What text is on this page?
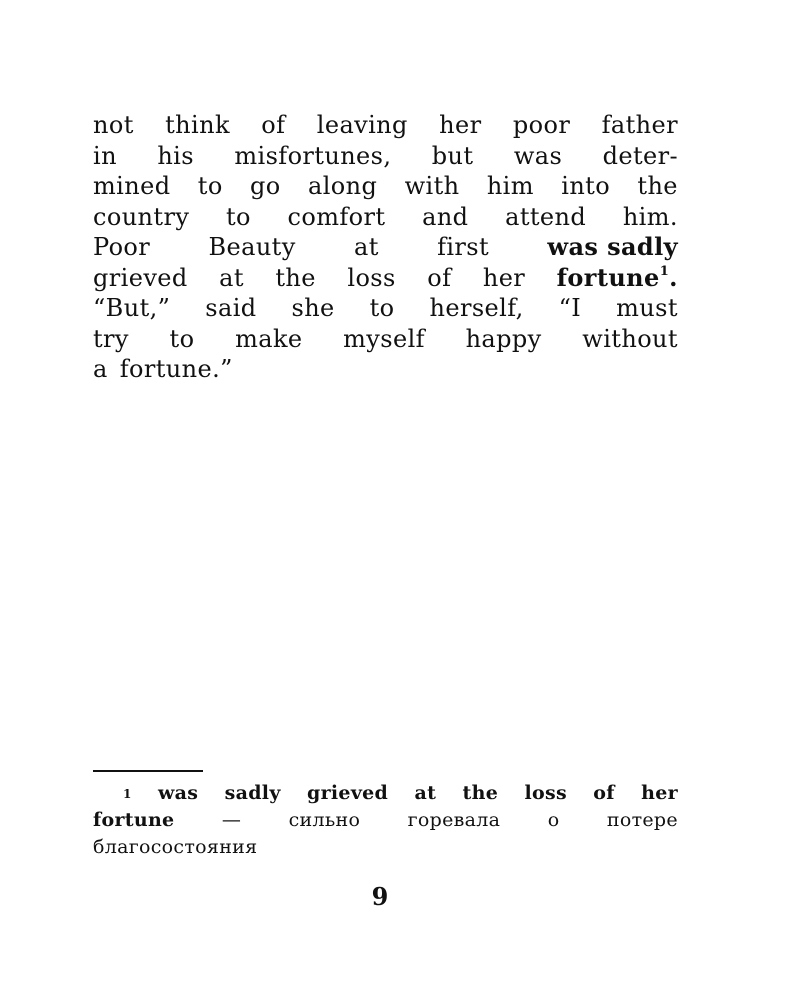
not think of leaving her poor father
in his misfortunes, but was deter-
mined to go along with him into the
country to comfort and attend him.
Poor Beauty at first was sadly
grieved at the loss of her fortune$^1$.
“But,” said she to herself, “I must
try to make myself happy without
a fortune.”
1 was sadly grieved at the loss of her
fortune — сильно горевала о потере
благосостояния
9
